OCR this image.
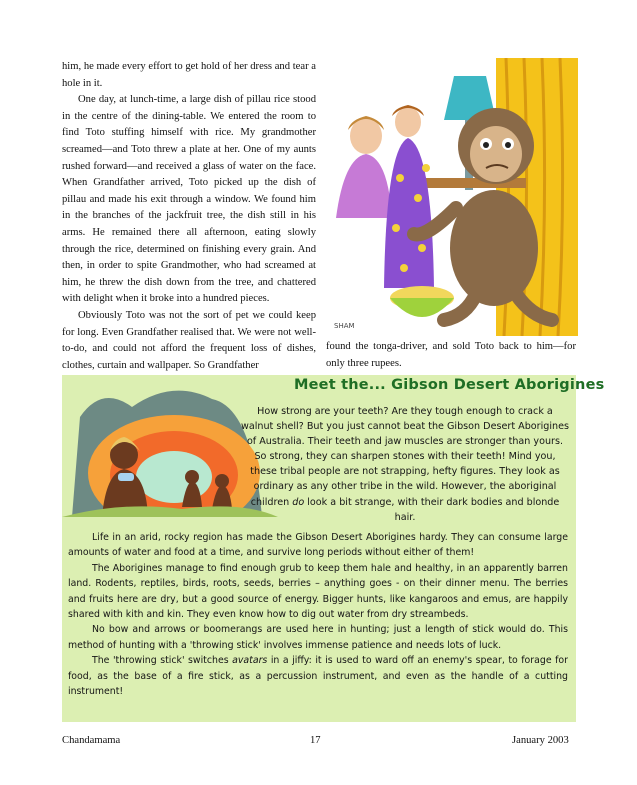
him, he made every effort to get hold of her dress and tear a hole in it.

One day, at lunch-time, a large dish of pillau rice stood in the centre of the dining-table. We entered the room to find Toto stuffing himself with rice. My grandmother screamed—and Toto threw a plate at her. One of my aunts rushed forward—and received a glass of water on the face. When Grandfather arrived, Toto picked up the dish of pillau and made his exit through a window. We found him in the branches of the jackfruit tree, the dish still in his arms. He remained there all afternoon, eating slowly through the rice, determined on finishing every grain. And then, in order to spite Grandmother, who had screamed at him, he threw the dish down from the tree, and chattered with delight when it broke into a hundred pieces.

Obviously Toto was not the sort of pet we could keep for long. Even Grandfather realised that. We were not well-to-do, and could not afford the frequent loss of dishes, clothes, curtain and wallpaper. So Grandfather

SHAM
found the tonga-driver, and sold Toto back to him—for only three rupees.
Meet the... Gibson Desert Aborigines
How strong are your teeth? Are they tough enough to crack a walnut shell? But you just cannot beat the Gibson Desert Aborigines of Australia. Their teeth and jaw muscles are stronger than yours. So strong, they can sharpen stones with their teeth! Mind you, these tribal people are not strapping, hefty figures. They look as ordinary as any other tribe in the wild. However, the aboriginal children do look a bit strange, with their dark bodies and blonde hair.

Life in an arid, rocky region has made the Gibson Desert Aborigines hardy. They can consume large amounts of water and food at a time, and survive long periods without either of them!

The Aborigines manage to find enough grub to keep them hale and healthy, in an apparently barren land. Rodents, reptiles, birds, roots, seeds, berries – anything goes - on their dinner menu. The berries and fruits here are dry, but a good source of energy. Bigger hunts, like kangaroos and emus, are happily shared with kith and kin. They even know how to dig out water from dry streambeds.

No bow and arrows or boomerangs are used here in hunting; just a length of stick would do. This method of hunting with a 'throwing stick' involves immense patience and needs lots of luck.

The 'throwing stick' switches avatars in a jiffy: it is used to ward off an enemy's spear, to forage for food, as the base of a fire stick, as a percussion instrument, and even as the handle of a cutting instrument!

Chandamama	17	January 2003
